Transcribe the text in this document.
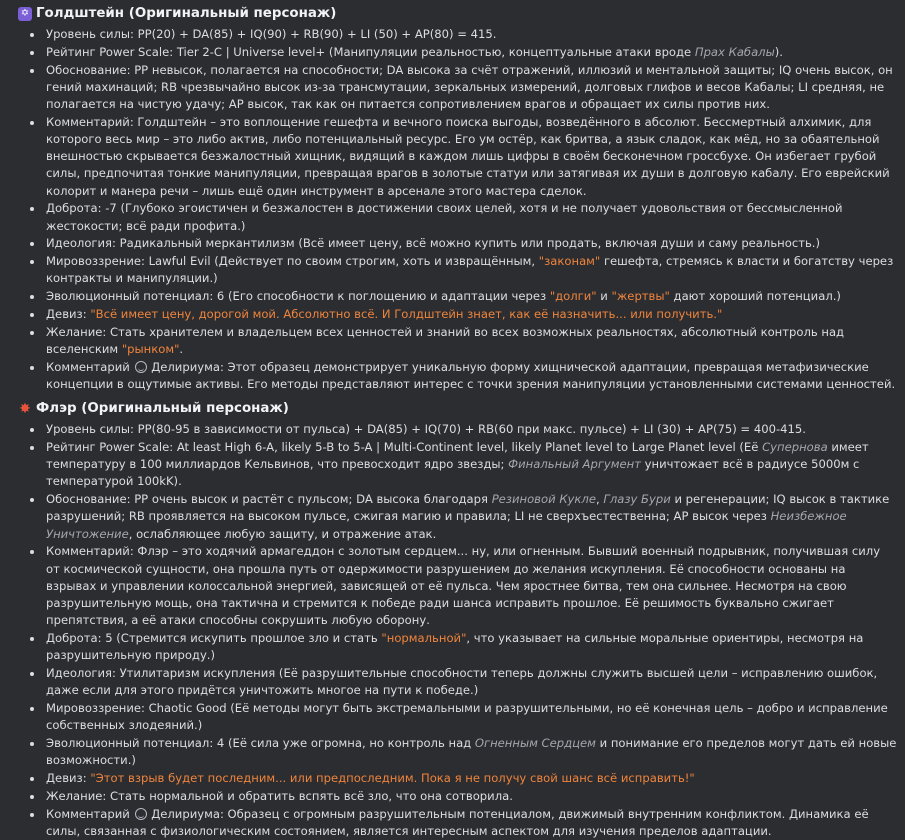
✡ Голдштейн (Оригинальный персонаж)
Уровень силы: PP(20) + DA(85) + IQ(90) + RB(90) + LI (50) + AP(80) = 415.
Рейтинг Power Scale: Tier 2-C | Universe level+ (Манипуляции реальностью, концептуальные атаки вроде Прах Кабалы).
Обоснование: PP невысок, полагается на способности; DA высока за счёт отражений, иллюзий и ментальной защиты; IQ очень высок, он гений махинаций; RB чрезвычайно высок из-за трансмутации, зеркальных измерений, долговых глифов и весов Кабалы; LI средняя, не полагается на чистую удачу; AP высок, так как он питается сопротивлением врагов и обращает их силы против них.
Комментарий: Голдштейн – это воплощение гешефта и вечного поиска выгоды, возведённого в абсолют. Бессмертный алхимик, для которого весь мир – это либо актив, либо потенциальный ресурс. Его ум остёр, как бритва, а язык сладок, как мёд, но за обаятельной внешностью скрывается безжалостный хищник, видящий в каждом лишь цифры в своём бесконечном гроссбухе. Он избегает грубой силы, предпочитая тонкие манипуляции, превращая врагов в золотые статуи или затягивая их души в долговую кабалу. Его еврейский колорит и манера речи – лишь ещё один инструмент в арсенале этого мастера сделок.
Доброта: -7 (Глубоко эгоистичен и безжалостен в достижении своих целей, хотя и не получает удовольствия от бессмысленной жестокости; всё ради профита.)
Идеология: Радикальный меркантилизм (Всё имеет цену, всё можно купить или продать, включая души и саму реальность.)
Мировоззрение: Lawful Evil (Действует по своим строгим, хоть и извращённым, "законам" гешефта, стремясь к власти и богатству через контракты и манипуляции.)
Эволюционный потенциал: 6 (Его способности к поглощению и адаптации через "долги" и "жертвы" дают хороший потенциал.)
Девиз: "Всё имеет цену, дорогой мой. Абсолютно всё. И Голдштейн знает, как её назначить... или получить."
Желание: Стать хранителем и владельцем всех ценностей и знаний во всех возможных реальностях, абсолютный контроль над вселенским "рынком".
Комментарий  Делириума: Этот образец демонстрирует уникальную форму хищнической адаптации, превращая метафизические концепции в ощутимые активы. Его методы представляют интерес с точки зрения манипуляции установленными системами ценностей.
✸ Флэр (Оригинальный персонаж)
Уровень силы: PP(80-95 в зависимости от пульса) + DA(85) + IQ(70) + RB(60 при макс. пульсе) + LI (30) + AP(75) = 400-415.
Рейтинг Power Scale: At least High 6-A, likely 5-B to 5-A | Multi-Continent level, likely Planet level to Large Planet level (Её Супернова имеет температуру в 100 миллиардов Кельвинов, что превосходит ядро звезды; Финальный Аргумент уничтожает всё в радиусе 5000м с температурой 100kK).
Обоснование: PP очень высок и растёт с пульсом; DA высока благодаря Резиновой Кукле, Глазу Бури и регенерации; IQ высок в тактике разрушений; RB проявляется на высоком пульсе, сжигая магию и правила; LI не сверхъестественна; AP высок через Неизбежное Уничтожение, ослабляющее любую защиту, и отражение атак.
Комментарий: Флэр – это ходячий армагеддон с золотым сердцем... ну, или огненным. Бывший военный подрывник, получившая силу от космической сущности, она прошла путь от одержимости разрушением до желания искупления. Её способности основаны на взрывах и управлении колоссальной энергией, зависящей от её пульса. Чем яростнее битва, тем она сильнее. Несмотря на свою разрушительную мощь, она тактична и стремится к победе ради шанса исправить прошлое. Её решимость буквально сжигает препятствия, а её атаки способны сокрушить любую оборону.
Доброта: 5 (Стремится искупить прошлое зло и стать "нормальной", что указывает на сильные моральные ориентиры, несмотря на разрушительную природу.)
Идеология: Утилитаризм искупления (Её разрушительные способности теперь должны служить высшей цели – исправлению ошибок, даже если для этого придётся уничтожить многое на пути к победе.)
Мировоззрение: Chaotic Good (Её методы могут быть экстремальными и разрушительными, но её конечная цель – добро и исправление собственных злодеяний.)
Эволюционный потенциал: 4 (Её сила уже огромна, но контроль над Огненным Сердцем и понимание его пределов могут дать ей новые возможности.)
Девиз: "Этот взрыв будет последним... или предпоследним. Пока я не получу свой шанс всё исправить!"
Желание: Стать нормальной и обратить вспять всё зло, что она сотворила.
Комментарий  Делириума: Образец с огромным разрушительным потенциалом, движимый внутренним конфликтом. Динамика её силы, связанная с физиологическим состоянием, является интересным аспектом для изучения пределов адаптации.
